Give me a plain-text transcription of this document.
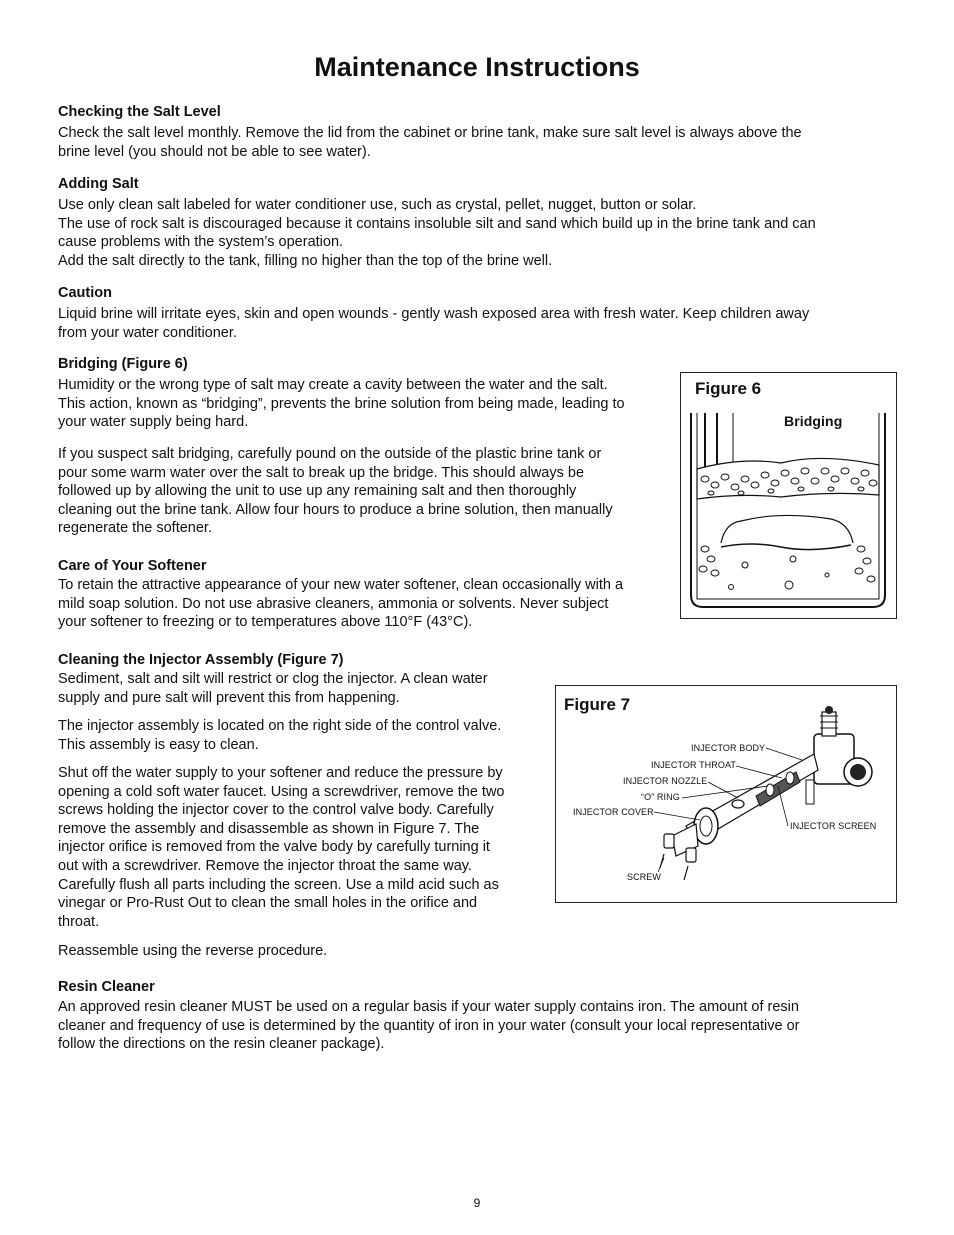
Maintenance Instructions
Checking the Salt Level
Check the salt level monthly. Remove the lid from the cabinet or brine tank, make sure salt level is always above the
brine level (you should not be able to see water).
Adding Salt
Use only clean salt labeled for water conditioner use, such as crystal, pellet, nugget, button or solar.
The use of rock salt is discouraged because it contains insoluble silt and sand which build up in the brine tank and can
cause problems with the system’s operation.
Add the salt directly to the tank, filling no higher than the top of the brine well.
Caution
Liquid brine will irritate eyes, skin and open wounds - gently wash exposed area with fresh water. Keep children away
from your water conditioner.
Bridging (Figure 6)
Humidity or the wrong type of salt may create a cavity between the water and the salt.
This action, known as “bridging”, prevents the brine solution from being made, leading to
your water supply being hard.
If you suspect salt bridging, carefully pound on the outside of the plastic brine tank or
pour some warm water over the salt to break up the bridge. This should always be
followed up by allowing the unit to use up any remaining salt and then thoroughly
cleaning out the brine tank. Allow four hours to produce a brine solution, then manually
regenerate the softener.
Care of Your Softener
To retain the attractive appearance of your new water softener, clean occasionally with a
mild soap solution. Do not use abrasive cleaners, ammonia or solvents. Never subject
your softener to freezing or to temperatures above 110°F (43°C).
Cleaning the Injector Assembly (Figure 7)
Sediment, salt and silt will restrict or clog the injector. A clean water
supply and pure salt will prevent this from happening.
The injector assembly is located on the right side of the control valve.
This assembly is easy to clean.
Shut off the water supply to your softener and reduce the pressure by
opening a cold soft water faucet. Using a screwdriver, remove the two
screws holding the injector cover to the control valve body. Carefully
remove the assembly and disassemble as shown in Figure 7. The
injector orifice is removed from the valve body by carefully turning it
out with a screwdriver. Remove the injector throat the same way.
Carefully flush all parts including the screen. Use a mild acid such as
vinegar or Pro-Rust Out to clean the small holes in the orifice and
throat.
Reassemble using the reverse procedure.
Resin Cleaner
An approved resin cleaner MUST be used on a regular basis if your water supply contains iron. The amount of resin
cleaner and frequency of use is determined by the quantity of iron in your water (consult your local representative or
follow the directions on the resin cleaner package).
Figure 6
Bridging
Figure 7
INJECTOR BODY
INJECTOR THROAT
INJECTOR NOZZLE
“O” RING
INJECTOR COVER
INJECTOR SCREEN
SCREW
9
